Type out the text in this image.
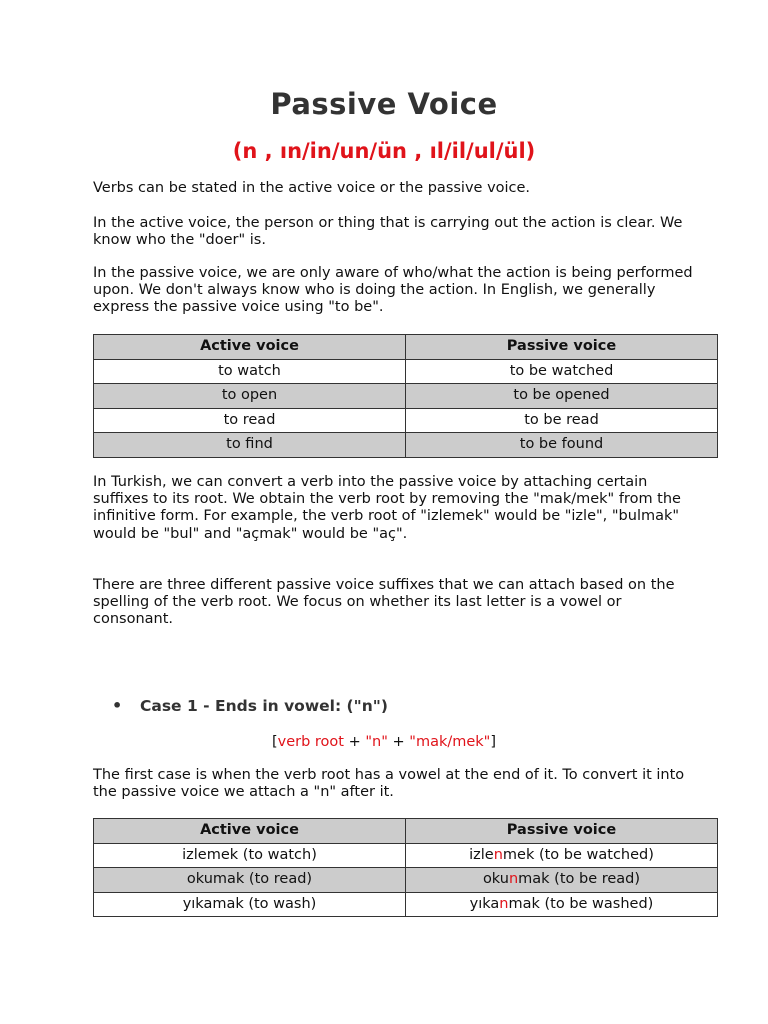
Passive Voice
(n , ın/in/un/ün , ıl/il/ul/ül)

Verbs can be stated in the active voice or the passive voice.

In the active voice, the person or thing that is carrying out the action is clear. We know who the "doer" is.

In the passive voice, we are only aware of who/what the action is being performed upon. We don't always know who is doing the action. In English, we generally express the passive voice using "to be".

Active voice	Passive voice
to watch	to be watched
to open	to be opened
to read	to be read
to find	to be found

In Turkish, we can convert a verb into the passive voice by attaching certain suffixes to its root. We obtain the verb root by removing the "mak/mek" from the infinitive form. For example, the verb root of "izlemek" would be "izle", "bulmak" would be "bul" and "açmak" would be "aç".

There are three different passive voice suffixes that we can attach based on the spelling of the verb root. We focus on whether its last letter is a vowel or consonant.

• Case 1 - Ends in vowel: ("n")
[verb root + "n" + "mak/mek"]

The first case is when the verb root has a vowel at the end of it. To convert it into the passive voice we attach a "n" after it.

Active voice	Passive voice
izlemek (to watch)	izlenmek (to be watched)
okumak (to read)	okunmak (to be read)
yıkamak (to wash)	yıkanmak (to be washed)
